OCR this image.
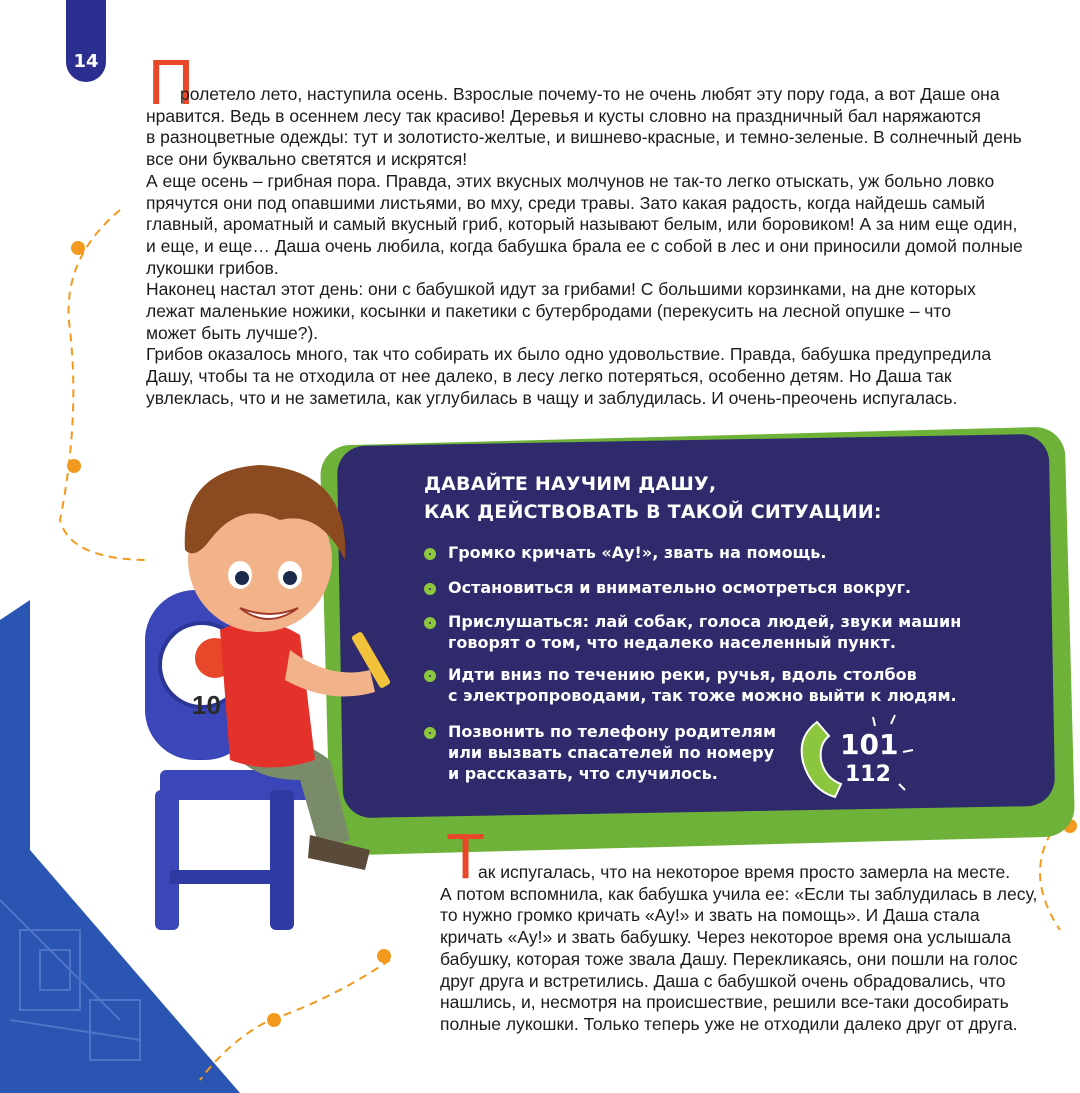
14 П

ролетело лето, наступила осень. Взрослые почему-то не очень любят эту пору года, а вот Даше она

нравится. Ведь в осеннем лесу так красиво! Деревья и кусты словно на праздничный бал наряжаются

в разноцветные одежды: тут и золотисто-желтые, и вишнево-красные, и темно-зеленые. В солнечный день

все они буквально светятся и искрятся!

А еще осень – грибная пора. Правда, этих вкусных молчунов не так-то легко отыскать, уж больно ловко

прячутся они под опавшими листьями, во мху, среди травы. Зато какая радость, когда найдешь самый

главный, ароматный и самый вкусный гриб, который называют белым, или боровиком! А за ним еще один,

и еще, и еще… Даша очень любила, когда бабушка брала ее с собой в лес и они приносили домой полные

лукошки грибов.

Наконец настал этот день: они с бабушкой идут за грибами! С большими корзинками, на дне которых

лежат маленькие ножики, косынки и пакетики с бутербродами (перекусить на лесной опушке – что

может быть лучше?).

Грибов оказалось много, так что собирать их было одно удовольствие. Правда, бабушка предупредила

Дашу, чтобы та не отходила от нее далеко, в лесу легко потеряться, особенно детям. Но Даша так

увлеклась, что и не заметила, как углубилась в чащу и заблудилась. И очень-преочень испугалась.

ДАВАЙТЕ НАУЧИМ ДАШУ,
КАК ДЕЙСТВОВАТЬ В ТАКОЙ СИТУАЦИИ:
Громко кричать «Ау!», звать на помощь.
Остановиться и внимательно осмотреться вокруг.
Прислушаться: лай собак, голоса людей, звуки машин
говорят о том, что недалеко населенный пункт.
Идти вниз по течению реки, ручья, вдоль столбов
с электропроводами, так тоже можно выйти к людям.
Позвонить по телефону родителям
или вызвать спасателей по номеру
и рассказать, что случилось.
101
112
10
Т

ак испугалась, что на некоторое время просто замерла на месте.

А потом вспомнила, как бабушка учила ее: «Если ты заблудилась в лесу,

то нужно громко кричать «Ау!» и звать на помощь». И Даша стала

кричать «Ау!» и звать бабушку. Через некоторое время она услышала

бабушку, которая тоже звала Дашу. Перекликаясь, они пошли на голос

друг друга и встретились. Даша с бабушкой очень обрадовались, что

нашлись, и, несмотря на происшествие, решили все-таки дособирать

полные лукошки. Только теперь уже не отходили далеко друг от друга.
